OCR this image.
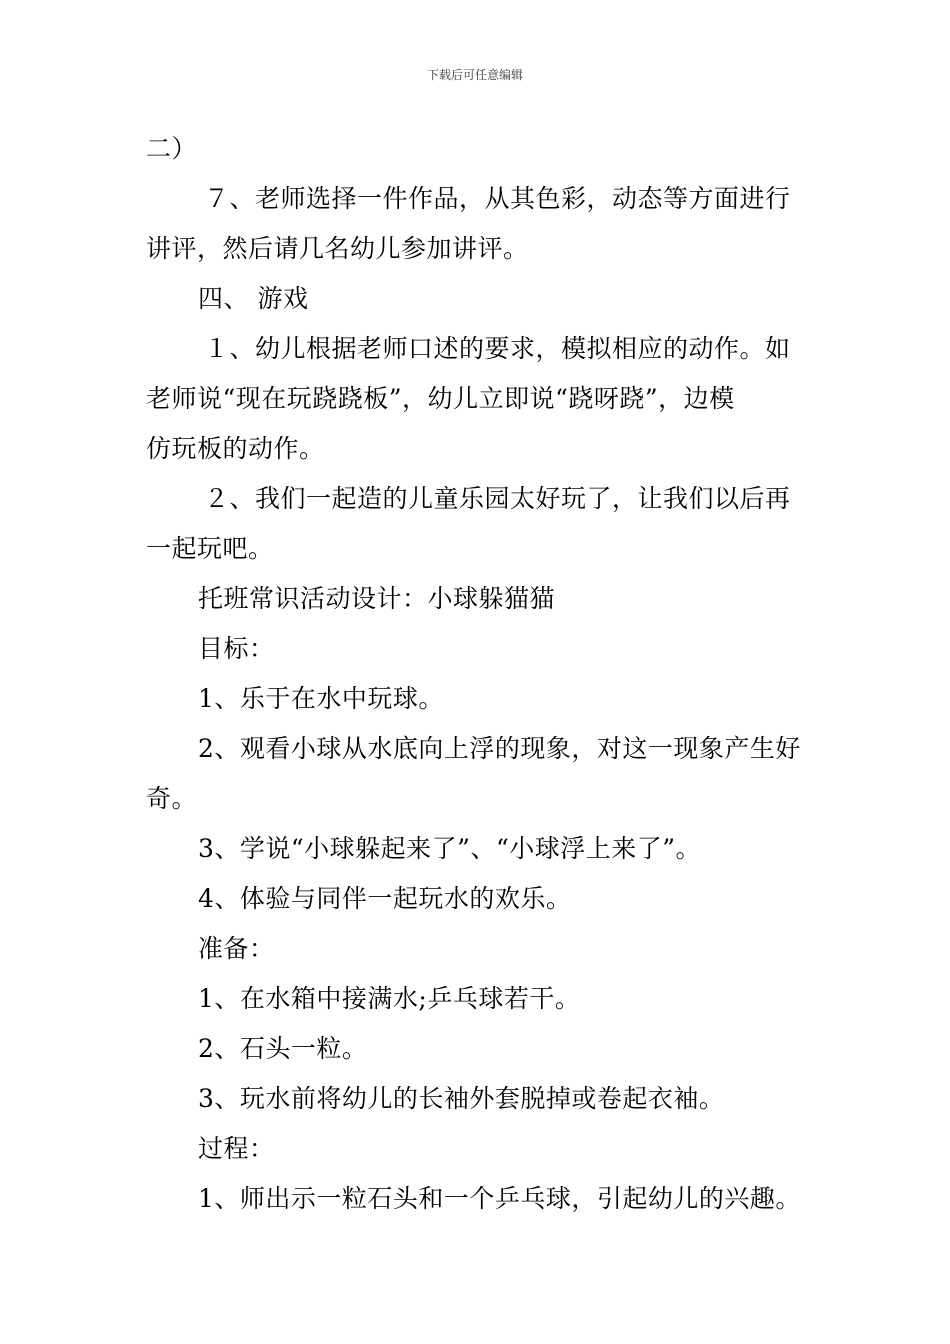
下载后可任意编辑
二）
７、老师选择一件作品，从其色彩，动态等方面进行
讲评，然后请几名幼儿参加讲评。
四、 游戏
１、幼儿根据老师口述的要求，模拟相应的动作。如
老师说“现在玩跷跷板”，幼儿立即说“跷呀跷”，边模
仿玩板的动作。
２、我们一起造的儿童乐园太好玩了，让我们以后再
一起玩吧。
托班常识活动设计：小球躲猫猫
目标：
1、乐于在水中玩球。
2、观看小球从水底向上浮的现象，对这一现象产生好
奇。
3、学说“小球躲起来了”、“小球浮上来了”。
4、体验与同伴一起玩水的欢乐。
准备：
1、在水箱中接满水;乒乓球若干。
2、石头一粒。
3、玩水前将幼儿的长袖外套脱掉或卷起衣袖。
过程：
1、师出示一粒石头和一个乒乓球，引起幼儿的兴趣。
